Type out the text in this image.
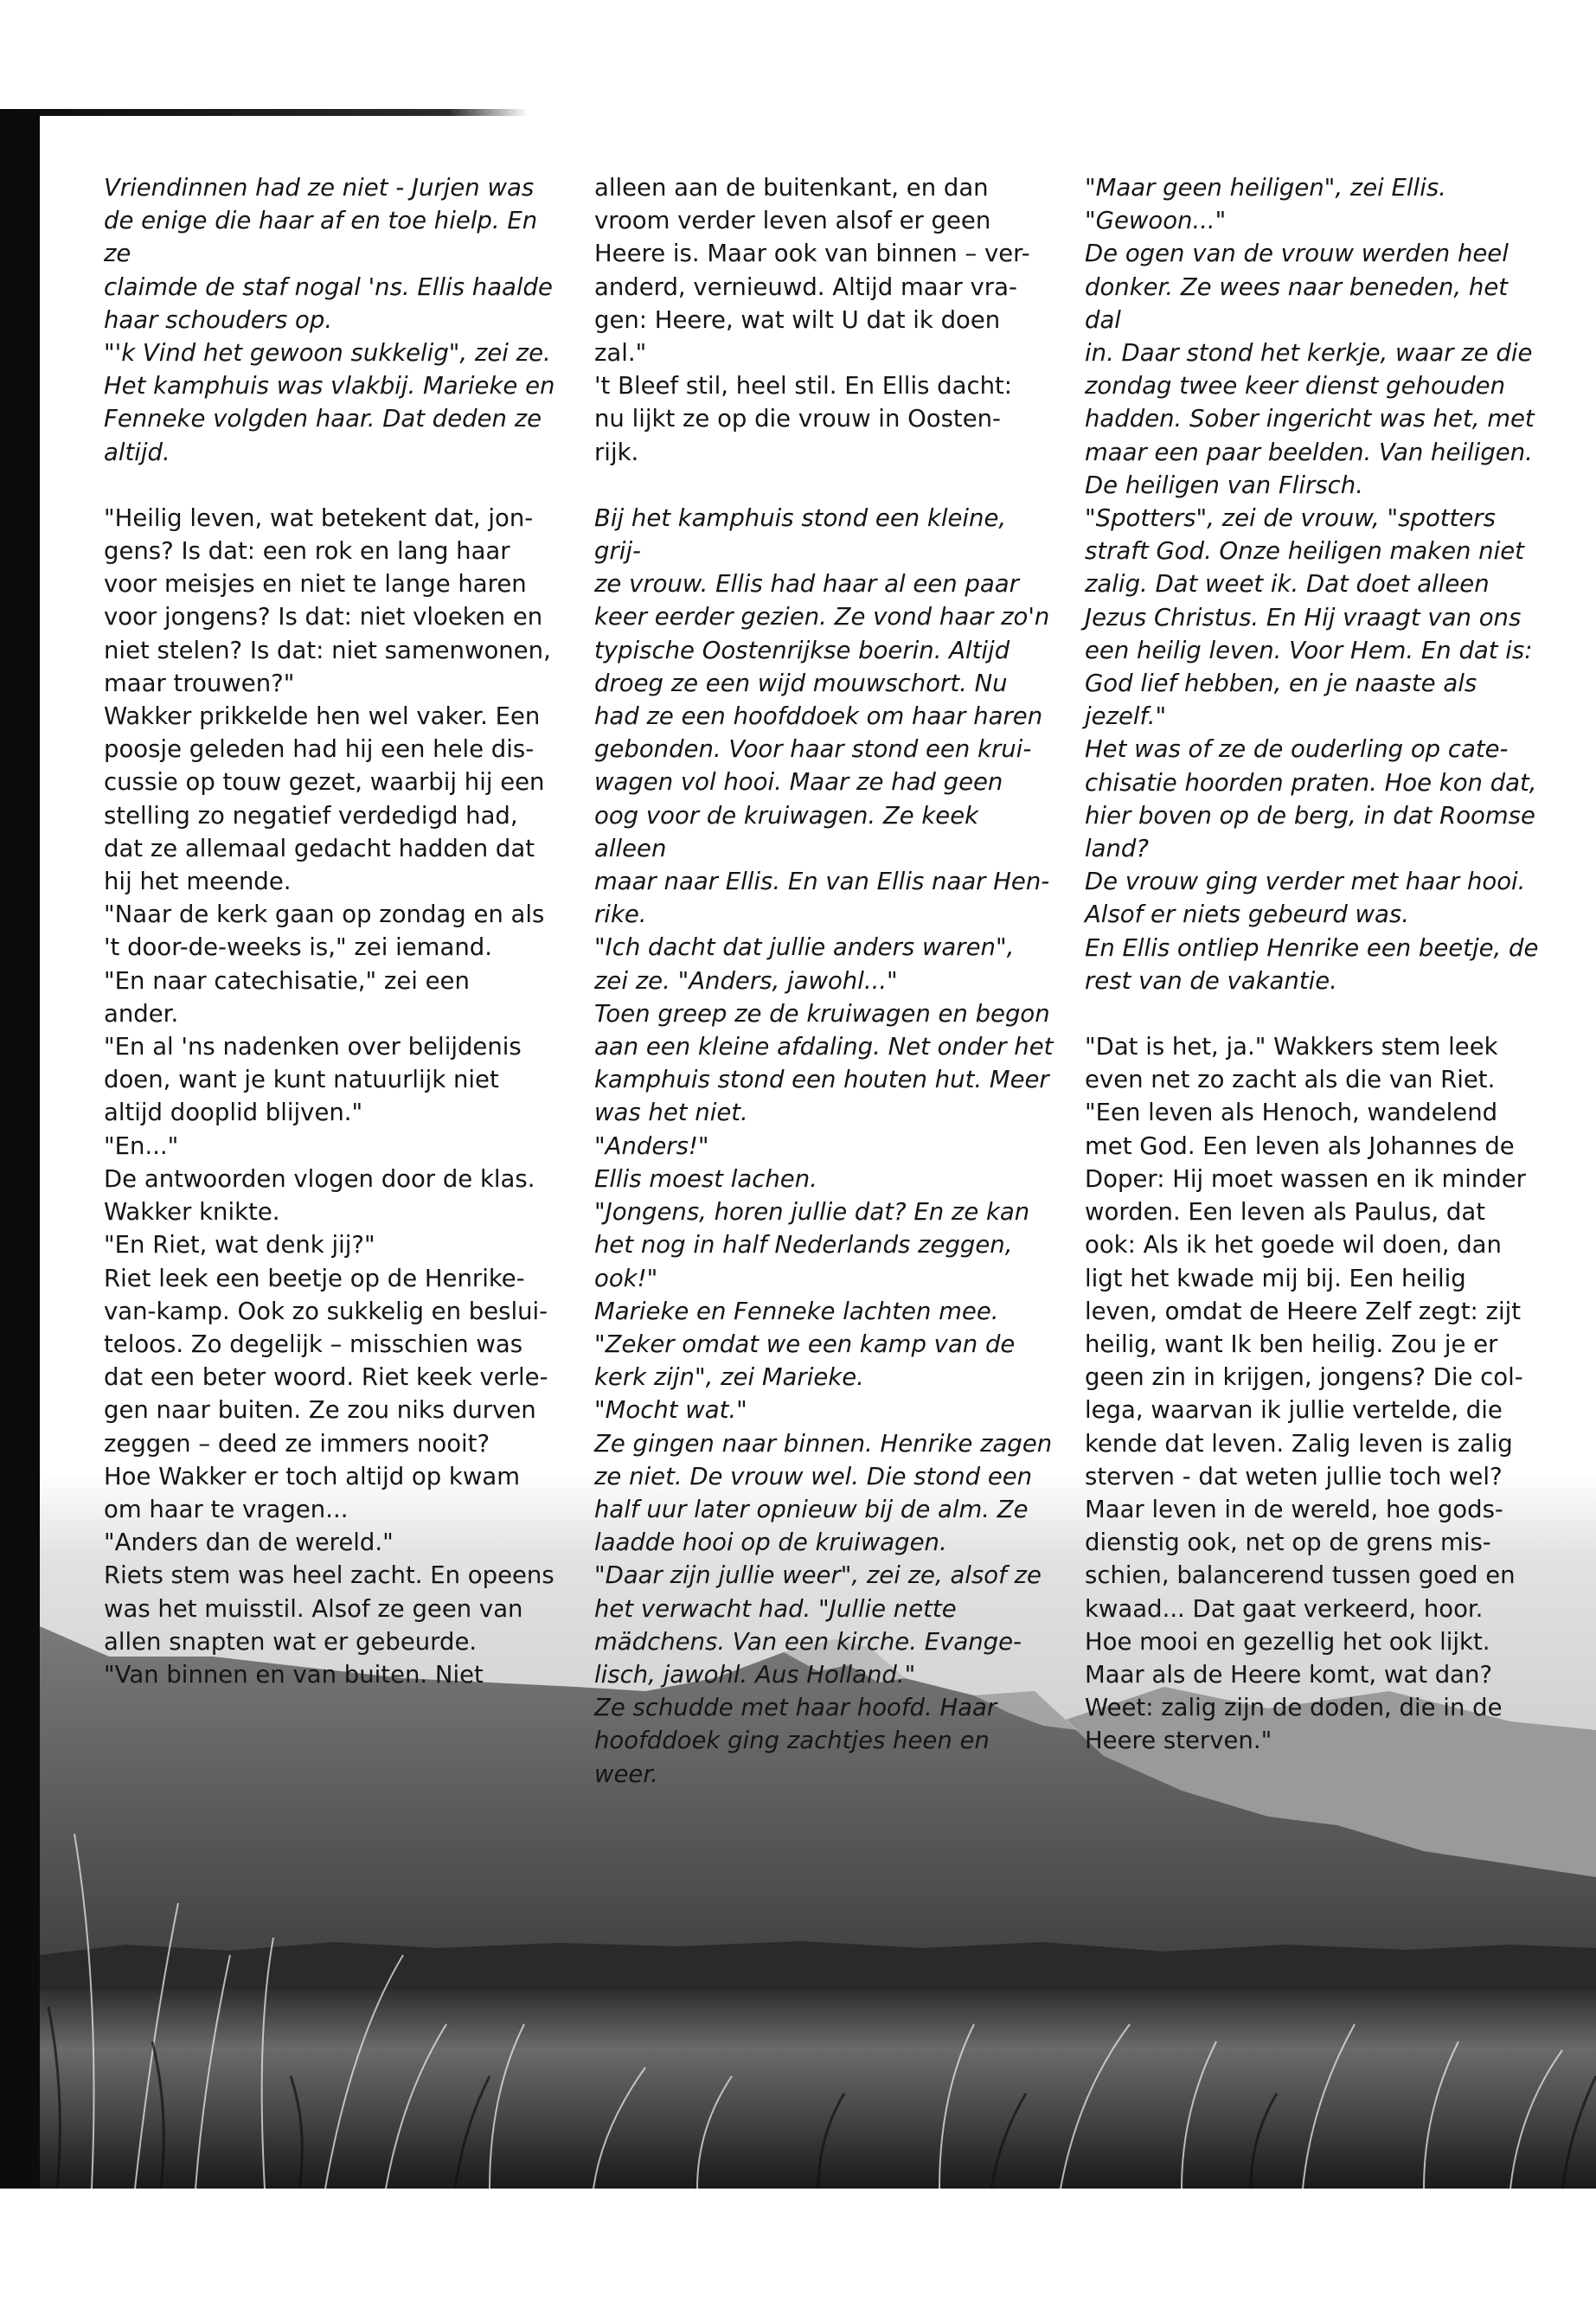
Vriendinnen had ze niet - Jurjen was
de enige die haar af en toe hielp. En ze
claimde de staf nogal 'ns. Ellis haalde
haar schouders op.
"'k Vind het gewoon sukkelig", zei ze.
Het kamphuis was vlakbij. Marieke en
Fenneke volgden haar. Dat deden ze
altijd.

"Heilig leven, wat betekent dat, jon-
gens? Is dat: een rok en lang haar
voor meisjes en niet te lange haren
voor jongens? Is dat: niet vloeken en
niet stelen? Is dat: niet samenwonen,
maar trouwen?"
Wakker prikkelde hen wel vaker. Een
poosje geleden had hij een hele dis-
cussie op touw gezet, waarbij hij een
stelling zo negatief verdedigd had,
dat ze allemaal gedacht hadden dat
hij het meende.
"Naar de kerk gaan op zondag en als
't door-de-weeks is," zei iemand.
"En naar catechisatie," zei een
ander.
"En al 'ns nadenken over belijdenis
doen, want je kunt natuurlijk niet
altijd dooplid blijven."
"En..."
De antwoorden vlogen door de klas.
Wakker knikte.
"En Riet, wat denk jij?"
Riet leek een beetje op de Henrike-
van-kamp. Ook zo sukkelig en beslui-
teloos. Zo degelijk – misschien was
dat een beter woord. Riet keek verle-
gen naar buiten. Ze zou niks durven
zeggen – deed ze immers nooit?
Hoe Wakker er toch altijd op kwam
om haar te vragen...
"Anders dan de wereld."
Riets stem was heel zacht. En opeens
was het muisstil. Alsof ze geen van
allen snapten wat er gebeurde.
"Van binnen en van buiten. Niet

alleen aan de buitenkant, en dan
vroom verder leven alsof er geen
Heere is. Maar ook van binnen – ver-
anderd, vernieuwd. Altijd maar vra-
gen: Heere, wat wilt U dat ik doen
zal."
't Bleef stil, heel stil. En Ellis dacht:
nu lijkt ze op die vrouw in Oosten-
rijk.

Bij het kamphuis stond een kleine, grij-
ze vrouw. Ellis had haar al een paar
keer eerder gezien. Ze vond haar zo'n
typische Oostenrijkse boerin. Altijd
droeg ze een wijd mouwschort. Nu
had ze een hoofddoek om haar haren
gebonden. Voor haar stond een krui-
wagen vol hooi. Maar ze had geen
oog voor de kruiwagen. Ze keek alleen
maar naar Ellis. En van Ellis naar Hen-
rike.
"Ich dacht dat jullie anders waren",
zei ze. "Anders, jawohl..."
Toen greep ze de kruiwagen en begon
aan een kleine afdaling. Net onder het
kamphuis stond een houten hut. Meer
was het niet.
"Anders!"
Ellis moest lachen.
"Jongens, horen jullie dat? En ze kan
het nog in half Nederlands zeggen,
ook!"
Marieke en Fenneke lachten mee.
"Zeker omdat we een kamp van de
kerk zijn", zei Marieke.
"Mocht wat."
Ze gingen naar binnen. Henrike zagen
ze niet. De vrouw wel. Die stond een
half uur later opnieuw bij de alm. Ze
laadde hooi op de kruiwagen.
"Daar zijn jullie weer", zei ze, alsof ze
het verwacht had. "Jullie nette
mädchens. Van een kirche. Evange-
lisch, jawohl. Aus Holland."
Ze schudde met haar hoofd. Haar
hoofddoek ging zachtjes heen en weer.

"Maar geen heiligen", zei Ellis.
"Gewoon..."
De ogen van de vrouw werden heel
donker. Ze wees naar beneden, het dal
in. Daar stond het kerkje, waar ze die
zondag twee keer dienst gehouden
hadden. Sober ingericht was het, met
maar een paar beelden. Van heiligen.
De heiligen van Flirsch.
"Spotters", zei de vrouw, "spotters
straft God. Onze heiligen maken niet
zalig. Dat weet ik. Dat doet alleen
Jezus Christus. En Hij vraagt van ons
een heilig leven. Voor Hem. En dat is:
God lief hebben, en je naaste als
jezelf."
Het was of ze de ouderling op cate-
chisatie hoorden praten. Hoe kon dat,
hier boven op de berg, in dat Roomse
land?
De vrouw ging verder met haar hooi.
Alsof er niets gebeurd was.
En Ellis ontliep Henrike een beetje, de
rest van de vakantie.

"Dat is het, ja." Wakkers stem leek
even net zo zacht als die van Riet.
"Een leven als Henoch, wandelend
met God. Een leven als Johannes de
Doper: Hij moet wassen en ik minder
worden. Een leven als Paulus, dat
ook: Als ik het goede wil doen, dan
ligt het kwade mij bij. Een heilig
leven, omdat de Heere Zelf zegt: zijt
heilig, want Ik ben heilig. Zou je er
geen zin in krijgen, jongens? Die col-
lega, waarvan ik jullie vertelde, die
kende dat leven. Zalig leven is zalig
sterven - dat weten jullie toch wel?
Maar leven in de wereld, hoe gods-
dienstig ook, net op de grens mis-
schien, balancerend tussen goed en
kwaad... Dat gaat verkeerd, hoor.
Hoe mooi en gezellig het ook lijkt.
Maar als de Heere komt, wat dan?
Weet: zalig zijn de doden, die in de
Heere sterven."
